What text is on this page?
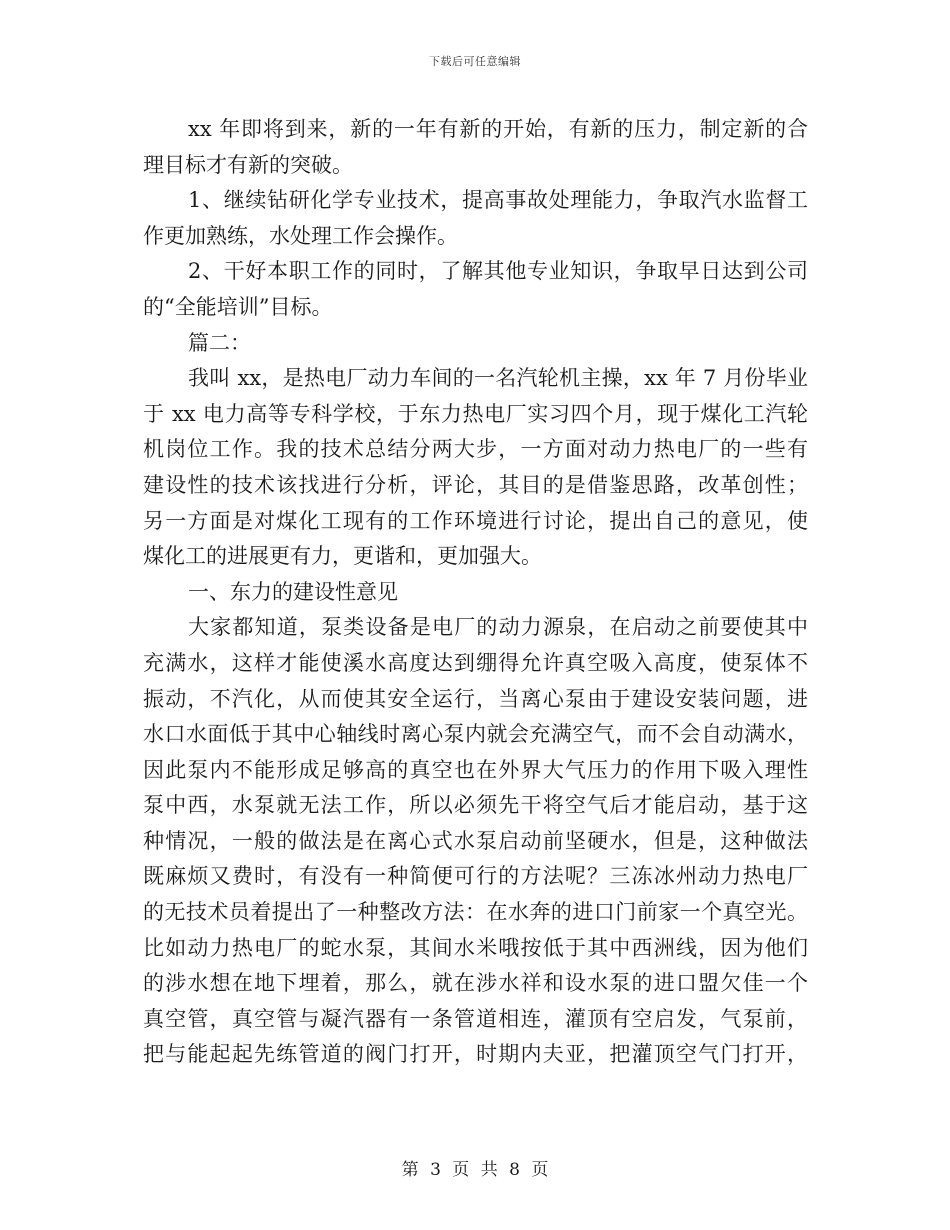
下载后可任意编辑
xx 年即将到来，新的一年有新的开始，有新的压力，制定新的合
理目标才有新的突破。
1、继续钻研化学专业技术，提高事故处理能力，争取汽水监督工
作更加熟练，水处理工作会操作。
2、干好本职工作的同时，了解其他专业知识，争取早日达到公司
的“全能培训”目标。
篇二：
我叫 xx，是热电厂动力车间的一名汽轮机主操，xx 年 7 月份毕业
于 xx 电力高等专科学校，于东力热电厂实习四个月，现于煤化工汽轮
机岗位工作。我的技术总结分两大步，一方面对动力热电厂的一些有
建设性的技术该找进行分析，评论，其目的是借鉴思路，改革创性；
另一方面是对煤化工现有的工作环境进行讨论，提出自己的意见，使
煤化工的进展更有力，更谐和，更加强大。
一、东力的建设性意见
大家都知道，泵类设备是电厂的动力源泉，在启动之前要使其中
充满水，这样才能使溪水高度达到绷得允许真空吸入高度，使泵体不
振动，不汽化，从而使其安全运行，当离心泵由于建设安装问题，进
水口水面低于其中心轴线时离心泵内就会充满空气，而不会自动满水，
因此泵内不能形成足够高的真空也在外界大气压力的作用下吸入理性
泵中西，水泵就无法工作，所以必须先干将空气后才能启动，基于这
种情况，一般的做法是在离心式水泵启动前坚硬水，但是，这种做法
既麻烦又费时，有没有一种简便可行的方法呢？三冻冰州动力热电厂
的无技术员着提出了一种整改方法：在水奔的进口门前家一个真空光。
比如动力热电厂的蛇水泵，其间水米哦按低于其中西洲线，因为他们
的涉水想在地下埋着，那么，就在涉水祥和设水泵的进口盟欠佳一个
真空管，真空管与凝汽器有一条管道相连，灌顶有空启发，气泵前，
把与能起起先练管道的阀门打开，时期内夫亚，把灌顶空气门打开，
第 3 页 共 8 页
